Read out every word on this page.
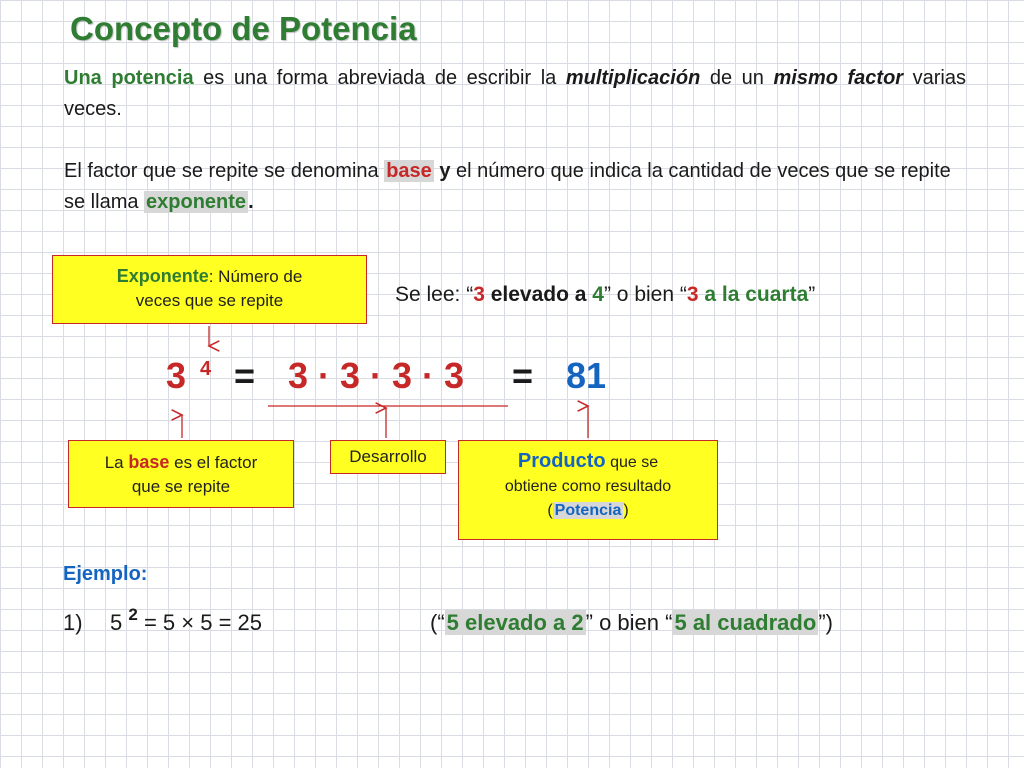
Concepto de Potencia
Una potencia es una forma abreviada de escribir la multiplicación de un mismo factor varias veces.
El factor que se repite se denomina base y el número que indica la cantidad de veces que se repite se llama exponente .
Exponente: Número de
veces que se repite	Se lee: “3 elevado a 4” o bien “3 a la cuarta”
3 4 = 3 · 3 · 3 · 3 = 81
La base es el factor
que se repite
Desarrollo	Producto que se
obtiene como resultado
( Potencia )
Ejemplo:
1) 5 $^2$ = 5 × 5 = 25	(“5 elevado a 2” o bien “5 al cuadrado”)
